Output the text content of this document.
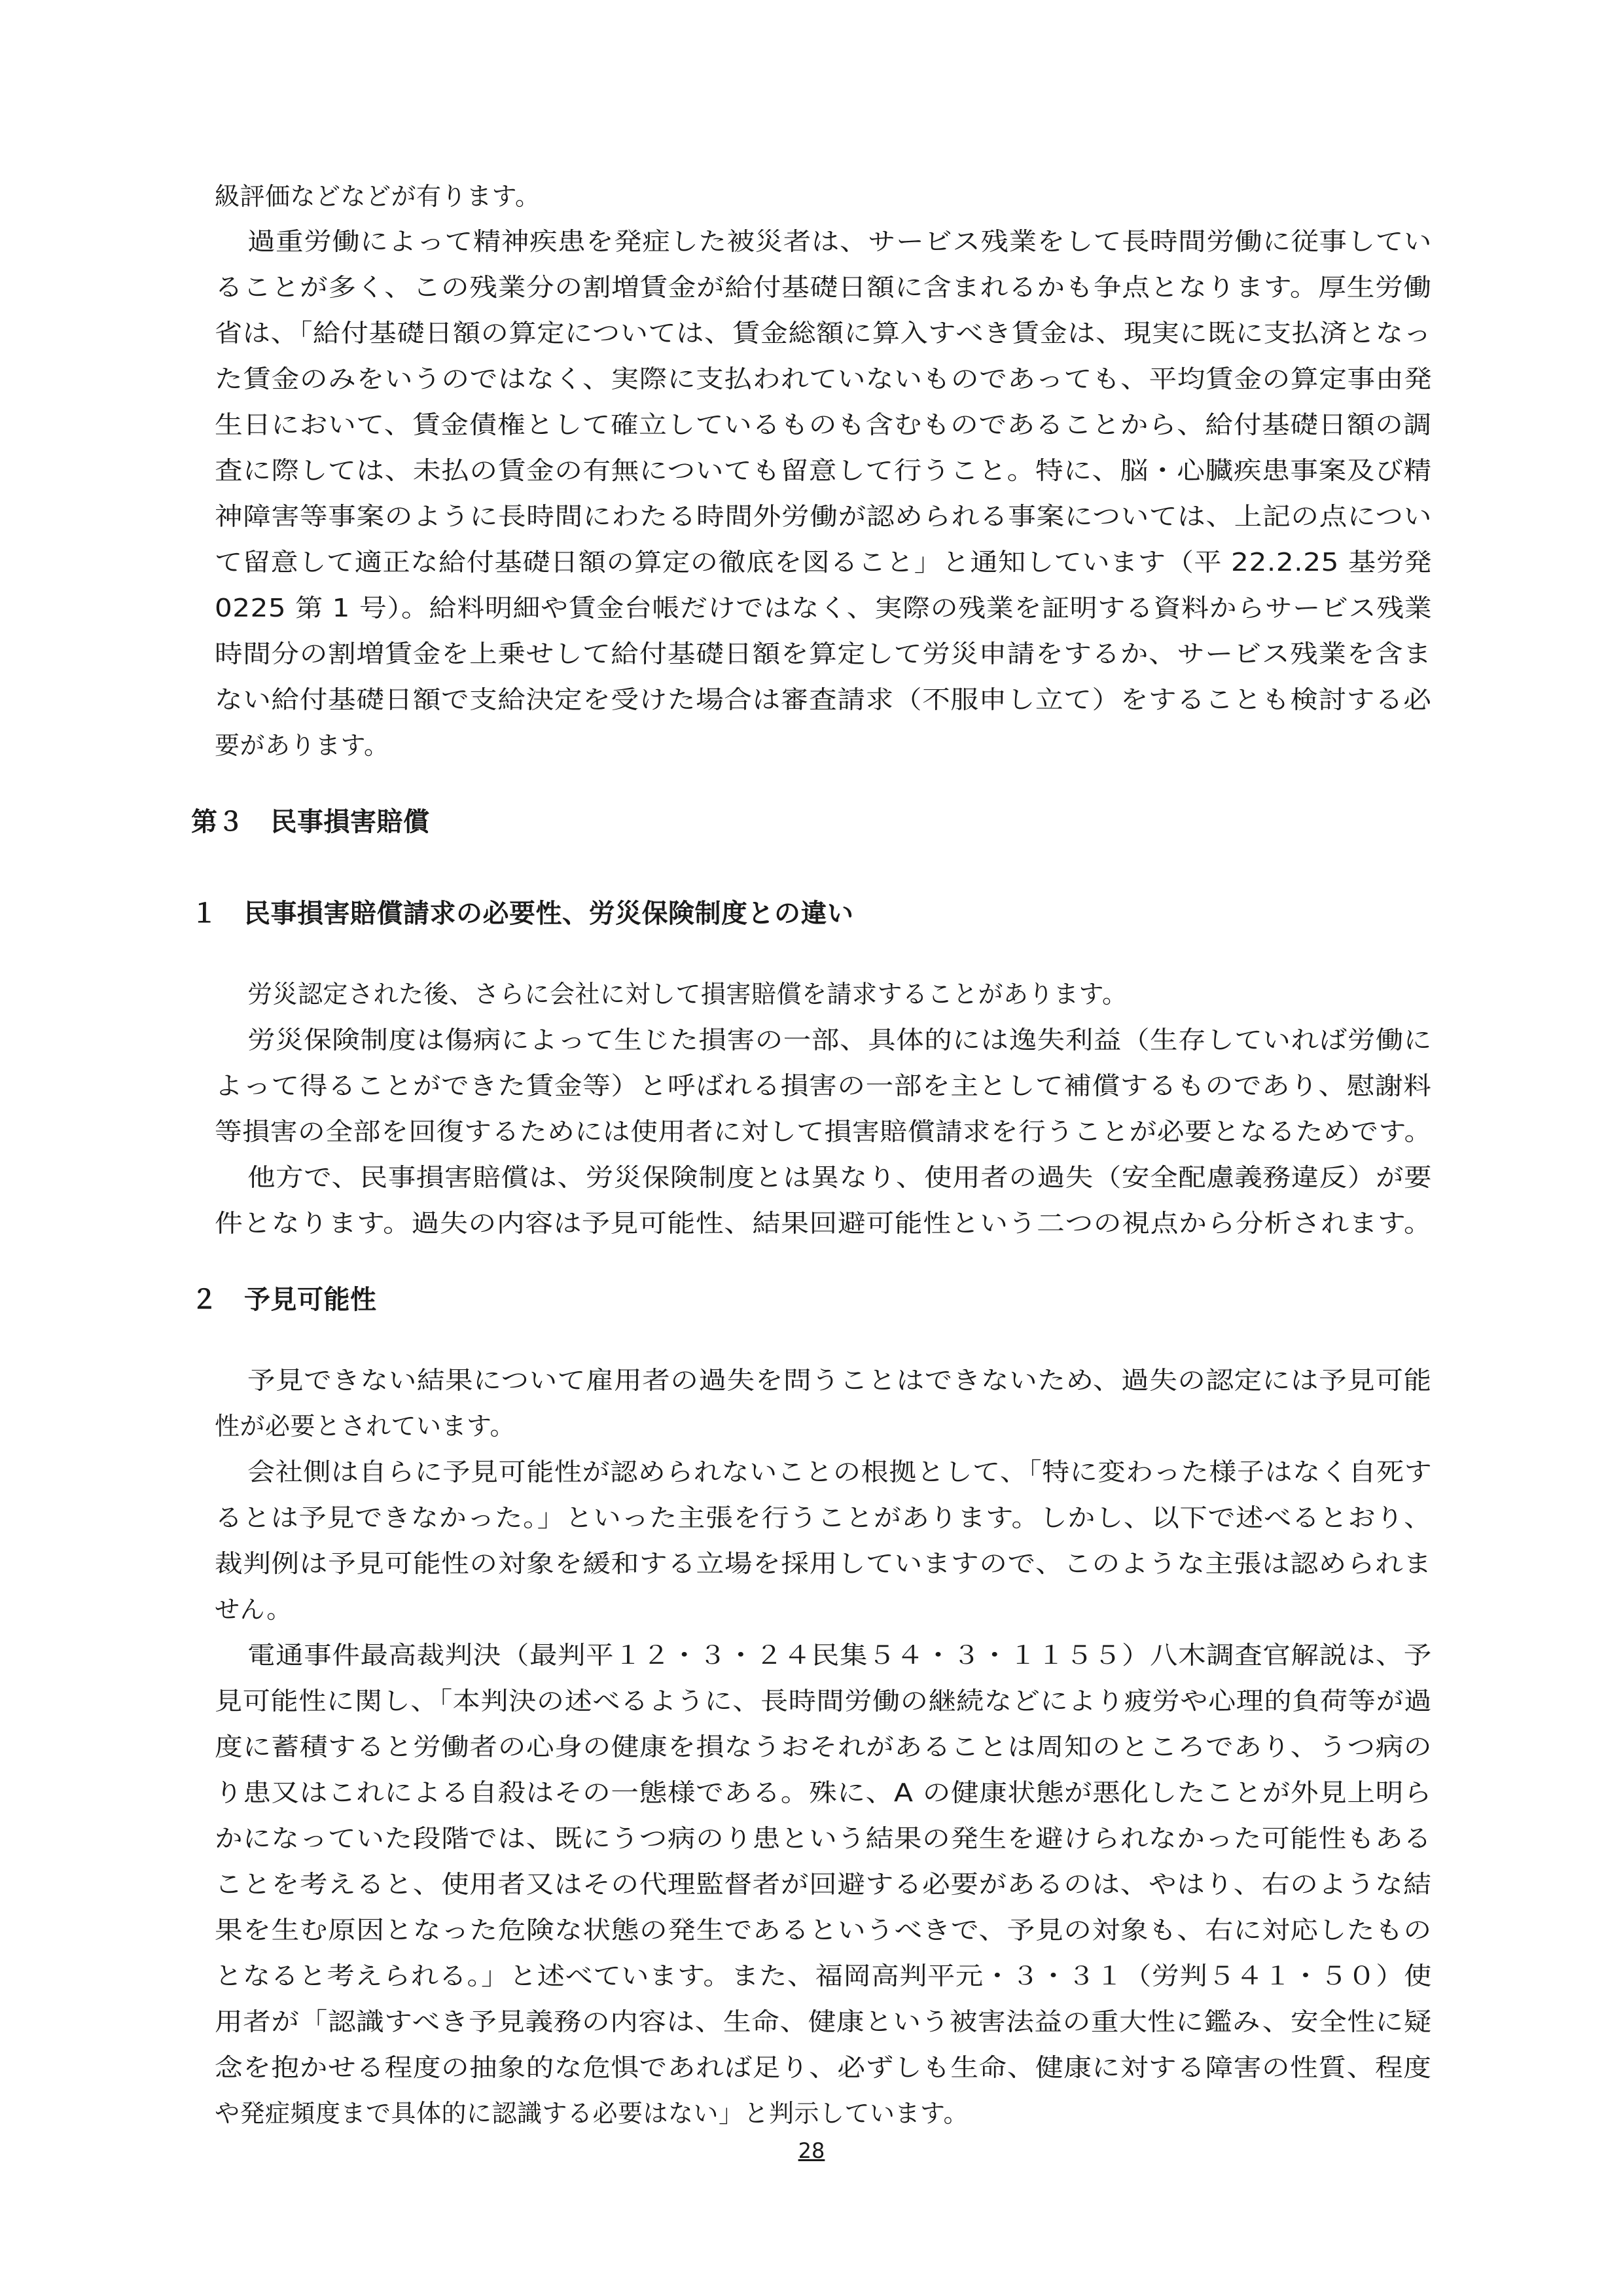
級評価などなどが有ります。
過重労働によって精神疾患を発症した被災者は、サービス残業をして長時間労働に従事してい
ることが多く、この残業分の割増賃金が給付基礎日額に含まれるかも争点となります。厚生労働
省は、「給付基礎日額の算定については、賃金総額に算入すべき賃金は、現実に既に支払済となっ
た賃金のみをいうのではなく、実際に支払われていないものであっても、平均賃金の算定事由発
生日において、賃金債権として確立しているものも含むものであることから、給付基礎日額の調
査に際しては、未払の賃金の有無についても留意して行うこと。特に、脳・心臓疾患事案及び精
神障害等事案のように長時間にわたる時間外労働が認められる事案については、上記の点につい
て留意して適正な給付基礎日額の算定の徹底を図ること」と通知しています（平 22.2.25 基労発
0225 第 1 号）。給料明細や賃金台帳だけではなく、実際の残業を証明する資料からサービス残業
時間分の割増賃金を上乗せして給付基礎日額を算定して労災申請をするか、サービス残業を含ま
ない給付基礎日額で支給決定を受けた場合は審査請求（不服申し立て）をすることも検討する必
要があります。
第３　民事損害賠償
１　民事損害賠償請求の必要性、労災保険制度との違い
労災認定された後、さらに会社に対して損害賠償を請求することがあります。
労災保険制度は傷病によって生じた損害の一部、具体的には逸失利益（生存していれば労働に
よって得ることができた賃金等）と呼ばれる損害の一部を主として補償するものであり、慰謝料
等損害の全部を回復するためには使用者に対して損害賠償請求を行うことが必要となるためです。
他方で、民事損害賠償は、労災保険制度とは異なり、使用者の過失（安全配慮義務違反）が要
件となります。過失の内容は予見可能性、結果回避可能性という二つの視点から分析されます。
２　予見可能性
予見できない結果について雇用者の過失を問うことはできないため、過失の認定には予見可能
性が必要とされています。
会社側は自らに予見可能性が認められないことの根拠として、「特に変わった様子はなく自死す
るとは予見できなかった。」といった主張を行うことがあります。しかし、以下で述べるとおり、
裁判例は予見可能性の対象を緩和する立場を採用していますので、このような主張は認められま
せん。
電通事件最高裁判決（最判平１２・３・２４民集５４・３・１１５５）八木調査官解説は、予
見可能性に関し、「本判決の述べるように、長時間労働の継続などにより疲労や心理的負荷等が過
度に蓄積すると労働者の心身の健康を損なうおそれがあることは周知のところであり、うつ病の
り患又はこれによる自殺はその一態様である。殊に、A の健康状態が悪化したことが外見上明ら
かになっていた段階では、既にうつ病のり患という結果の発生を避けられなかった可能性もある
ことを考えると、使用者又はその代理監督者が回避する必要があるのは、やはり、右のような結
果を生む原因となった危険な状態の発生であるというべきで、予見の対象も、右に対応したもの
となると考えられる。」と述べています。また、福岡高判平元・３・３１（労判５４１・５０）使
用者が「認識すべき予見義務の内容は、生命、健康という被害法益の重大性に鑑み、安全性に疑
念を抱かせる程度の抽象的な危惧であれば足り、必ずしも生命、健康に対する障害の性質、程度
や発症頻度まで具体的に認識する必要はない」と判示しています。
28
